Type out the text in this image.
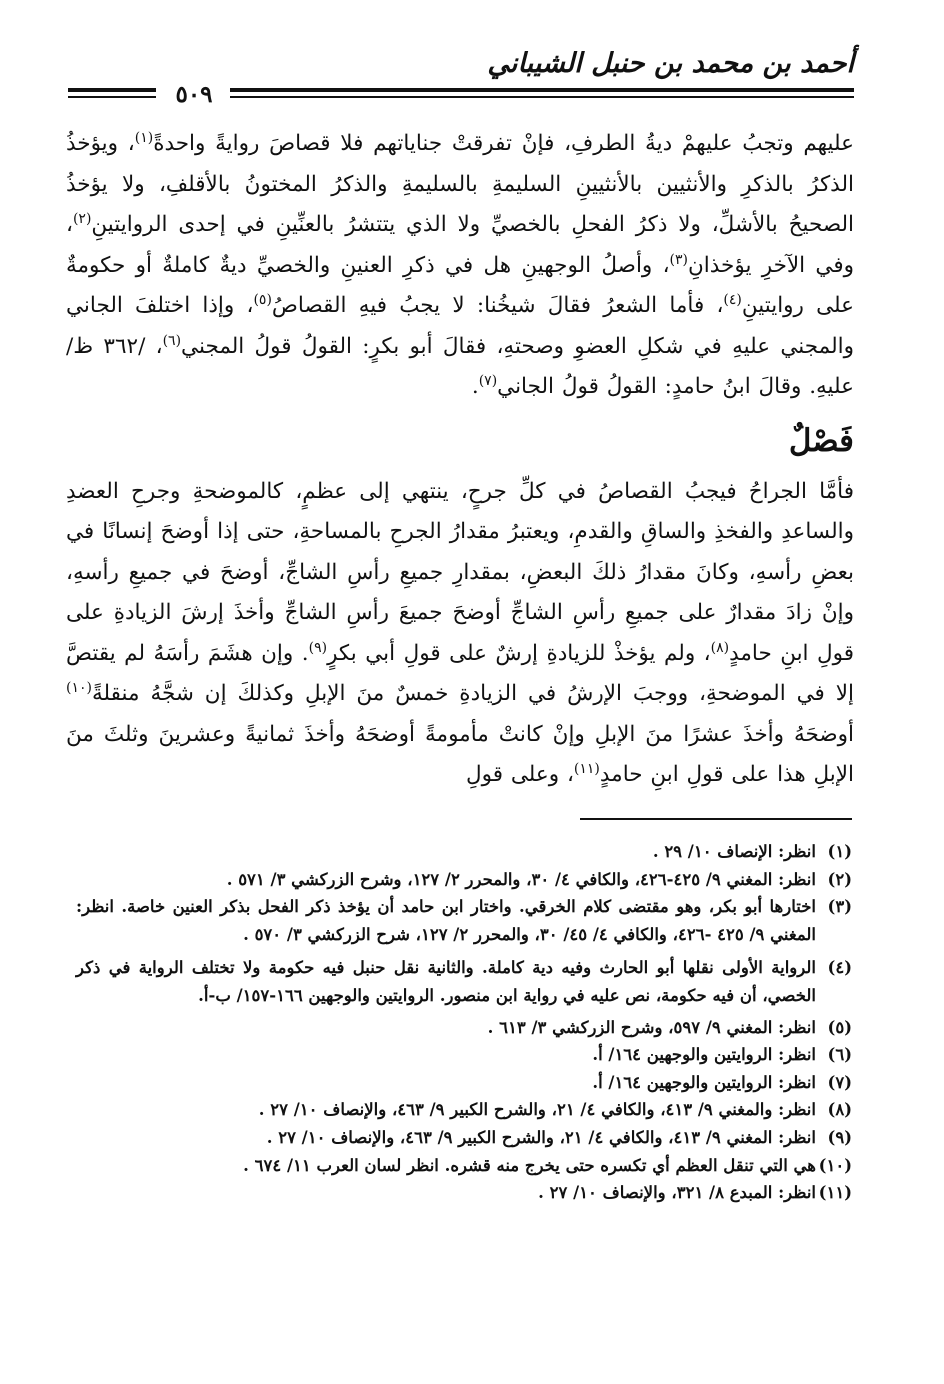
أحمد بن محمد بن حنبل الشيباني
٥٠٩

عليهم وتجبُ عليهمْ ديةُ الطرفِ، فإنْ تفرقتْ جناياتهم فلا قصاصَ روايةً واحدةً$^{(١)}$، ويؤخذُ الذكرُ بالذكرِ والأنثيين بالأنثيينِ السليمةِ بالسليمةِ والذكرُ المختونُ بالأقلفِ، ولا يؤخذُ الصحيحُ بالأشلِّ، ولا ذكرُ الفحلِ بالخصيِّ ولا الذي يتتشرُ بالعنِّينِ في إحدى الروايتينِ$^{(٢)}$، وفي الآخرِ يؤخذانِ$^{(٣)}$، وأصلُ الوجهينِ هل في ذكرِ العنينِ والخصيِّ ديةٌ كاملةٌ أو حكومةٌ على روايتينِ$^{(٤)}$، فأما الشعرُ فقالَ شيخُنا: لا يجبُ فيهِ القصاصُ$^{(٥)}$، وإذا اختلفَ الجاني والمجني عليهِ في شكلِ العضوِ وصحتهِ، فقالَ أبو بكرٍ: القولُ قولُ المجني$^{(٦)}$، /٣٦٢ ظ/ عليهِ. وقالَ ابنُ حامدٍ: القولُ قولُ الجاني$^{(٧)}$.

فَصْلٌ

فأمَّا الجراحُ فيجبُ القصاصُ في كلِّ جرحٍ، ينتهي إلى عظمٍ، كالموضحةِ وجرحِ العضدِ والساعدِ والفخذِ والساقِ والقدمِ، ويعتبرُ مقدارُ الجرحِ بالمساحةِ، حتى إذا أوضحَ إنسانًا في بعضِ رأسهِ، وكانَ مقدارُ ذلكَ البعضِ، بمقدارِ جميعِ رأسِ الشاجِّ، أوضحَ في جميعِ رأسهِ، وإنْ زادَ مقدارٌ على جميعِ رأسِ الشاجِّ أوضحَ جميعَ رأسِ الشاجِّ وأخذَ إرشَ الزيادةِ على قولِ ابنِ حامدٍ$^{(٨)}$، ولم يؤخذْ للزيادةِ إرشٌ على قولِ أبي بكرٍ$^{(٩)}$. وإن هشَمَ رأسَهُ لم يقتصَّ إلا في الموضحةِ، ووجبَ الإرشُ في الزيادةِ خمسٌ منَ الإبلِ وكذلكَ إن شجَّهُ منقلةً$^{(١٠)}$ أوضحَهُ وأخذَ عشرًا منَ الإبلِ وإنْ كانتْ مأمومةً أوضحَهُ وأخذَ ثمانيةً وعشرينَ وثلثَ منَ الإبلِ هذا على قولِ ابنِ حامدٍ$^{(١١)}$، وعلى قولِ

(١)
انظر: الإنصاف ١٠/ ٢٩ .
(٢)
انظر: المغني ٩/ ٤٢٥-٤٢٦، والكافي ٤/ ٣٠، والمحرر ٢/ ١٢٧، وشرح الزركشي ٣/ ٥٧١ .
(٣)
اختارها أبو بكر، وهو مقتضى كلام الخرقي. واختار ابن حامد أن يؤخذ ذكر الفحل بذكر العنين خاصة. انظر: المغني ٩/ ٤٢٥ -٤٢٦، والكافي ٤/ ٤٥/ ٣٠، والمحرر ٢/ ١٢٧، شرح الزركشي ٣/ ٥٧٠ .
(٤)
الرواية الأولى نقلها أبو الحارث وفيه دية كاملة. والثانية نقل حنبل فيه حكومة ولا تختلف الرواية في ذكر الخصي، أن فيه حكومة، نص عليه في رواية ابن منصور. الروايتين والوجهين ١٦٦-١٥٧/ ب-أ.
(٥)
انظر: المغني ٩/ ٥٩٧، وشرح الزركشي ٣/ ٦١٣ .
(٦)
انظر: الروايتين والوجهين ١٦٤/ أ.
(٧)
انظر: الروايتين والوجهين ١٦٤/ أ.
(٨)
انظر: والمغني ٩/ ٤١٣، والكافي ٤/ ٢١، والشرح الكبير ٩/ ٤٦٣، والإنصاف ١٠/ ٢٧ .
(٩)
انظر: المغني ٩/ ٤١٣، والكافي ٤/ ٢١، والشرح الكبير ٩/ ٤٦٣، والإنصاف ١٠/ ٢٧ .
(١٠)
هي التي تنقل العظم أي تكسره حتى يخرج منه قشره. انظر لسان العرب ١١/ ٦٧٤ .
(١١)
انظر: المبدع ٨/ ٣٢١، والإنصاف ١٠/ ٢٧ .
